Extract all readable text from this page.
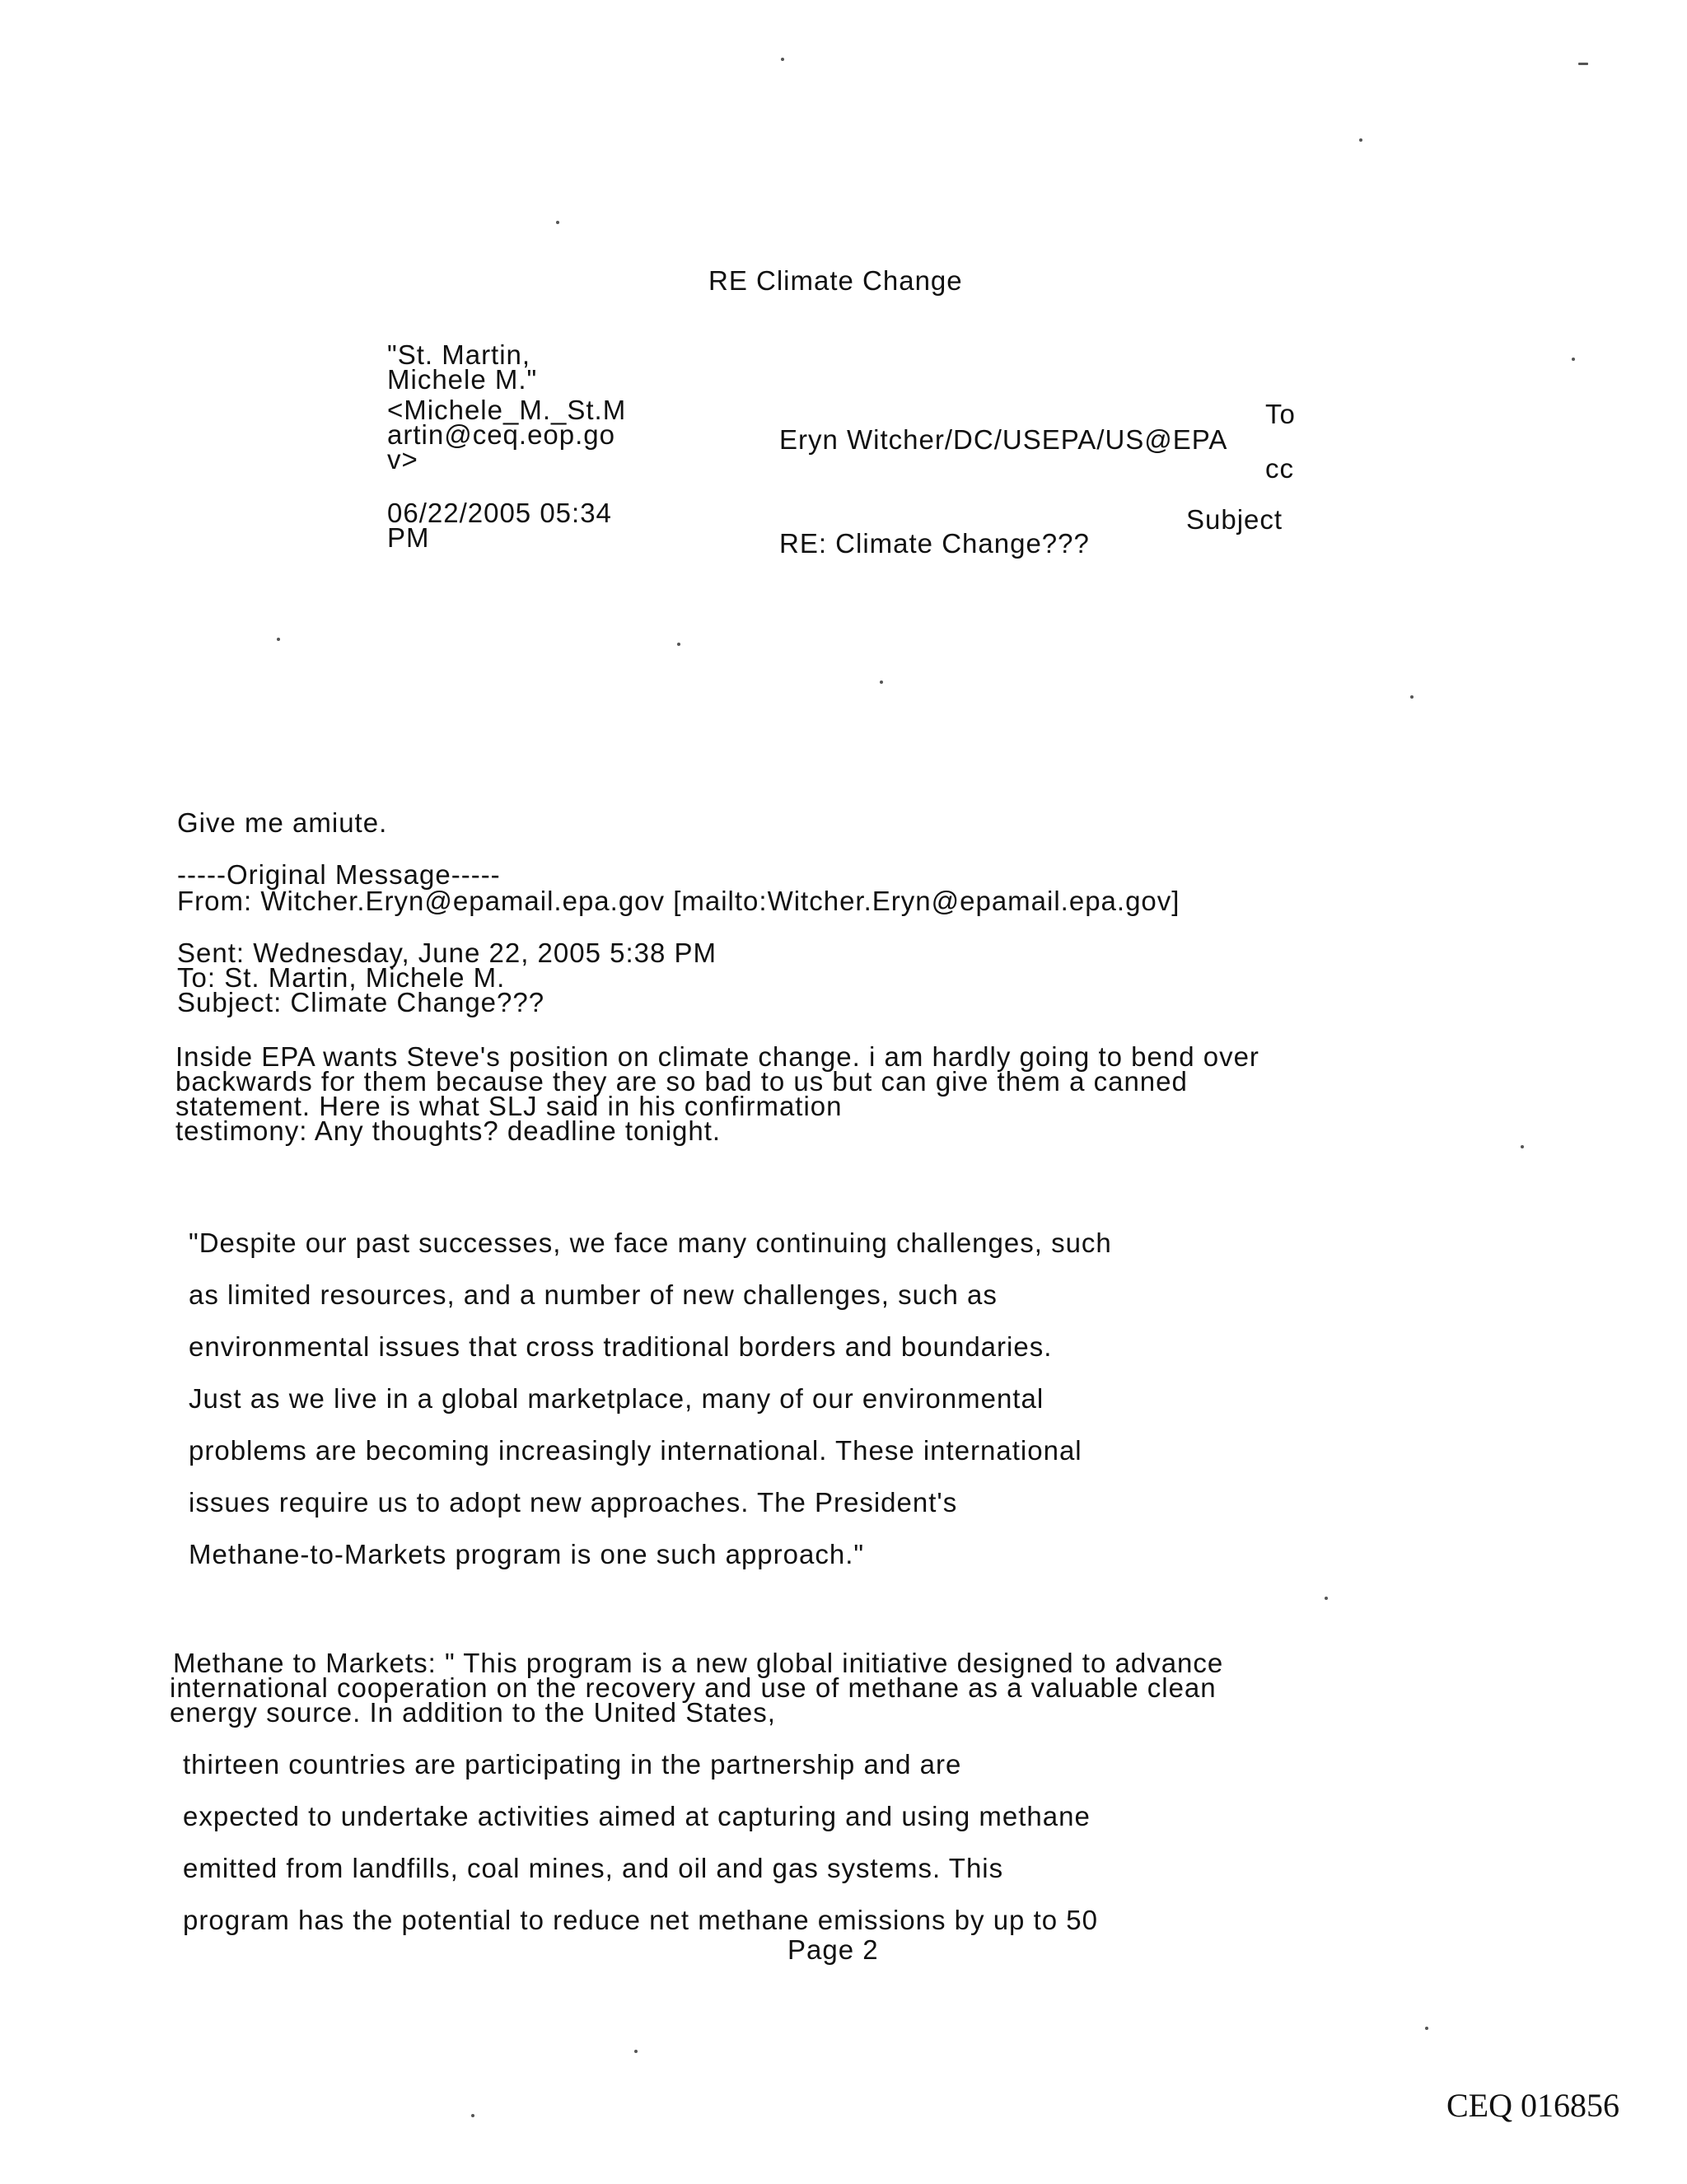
RE Climate Change
"St. Martin,
Michele M."
<Michele_M._St.M
artin@ceq.eop.go
v>
06/22/2005 05:34
PM
To
Eryn Witcher/DC/USEPA/US@EPA
cc
Subject
RE: Climate Change???
Give me amiute.
-----Original Message-----
From: Witcher.Eryn@epamail.epa.gov [mailto:Witcher.Eryn@epamail.epa.gov]
Sent: Wednesday, June 22, 2005 5:38 PM
To: St. Martin, Michele M.
Subject: Climate Change???
Inside EPA wants Steve's position on climate change. i am hardly going to bend over
backwards for them because they are so bad to us but can give them a canned
statement. Here is what SLJ said in his confirmation
testimony: Any thoughts? deadline tonight.
"Despite our past successes, we face many continuing challenges, such
as limited resources, and a number of new challenges, such as
environmental issues that cross traditional borders and boundaries.
Just as we live in a global marketplace, many of our environmental
problems are becoming increasingly international. These international
issues require us to adopt new approaches. The President's
Methane-to-Markets program is one such approach."
Methane to Markets: " This program is a new global initiative designed to advance
international cooperation on the recovery and use of methane as a valuable clean
energy source. In addition to the United States,
thirteen countries are participating in the partnership and are
expected to undertake activities aimed at capturing and using methane
emitted from landfills, coal mines, and oil and gas systems. This
program has the potential to reduce net methane emissions by up to 50
Page 2
CEQ 016856
